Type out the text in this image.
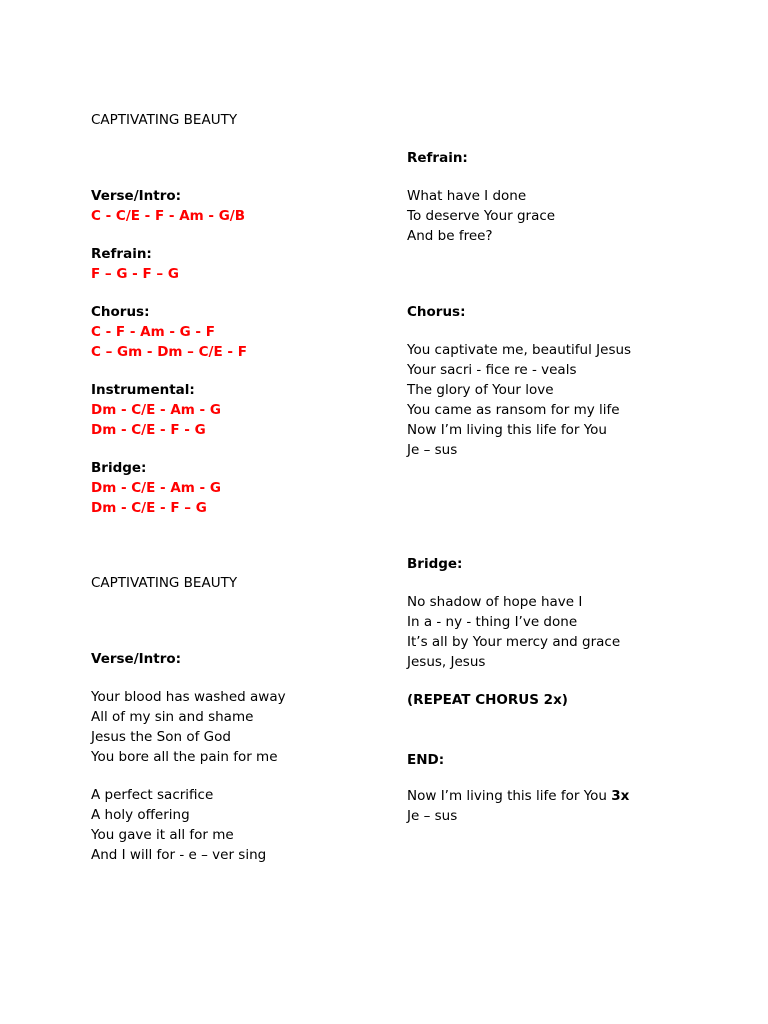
CAPTIVATING BEAUTY
Verse/Intro:
C - C/E - F - Am - G/B
Refrain:
F – G - F – G
Chorus:
C - F - Am - G - F
C – Gm - Dm – C/E - F
Instrumental:
Dm - C/E - Am - G
Dm - C/E - F - G
Bridge:
Dm - C/E - Am - G
Dm - C/E - F – G
CAPTIVATING BEAUTY
Verse/Intro:
Your blood has washed away
All of my sin and shame
Jesus the Son of God
You bore all the pain for me
A perfect sacrifice
A holy offering
You gave it all for me
And I will for - e – ver sing
Refrain:
What have I done
To deserve Your grace
And be free?
Chorus:
You captivate me, beautiful Jesus
Your sacri - fice re - veals
The glory of Your love
You came as ransom for my life
Now I’m living this life for You
Je – sus
Bridge:
No shadow of hope have I
In a - ny - thing I’ve done
It’s all by Your mercy and grace
Jesus, Jesus
(REPEAT CHORUS 2x)
END:
Now I’m living this life for You 3x
Je – sus
